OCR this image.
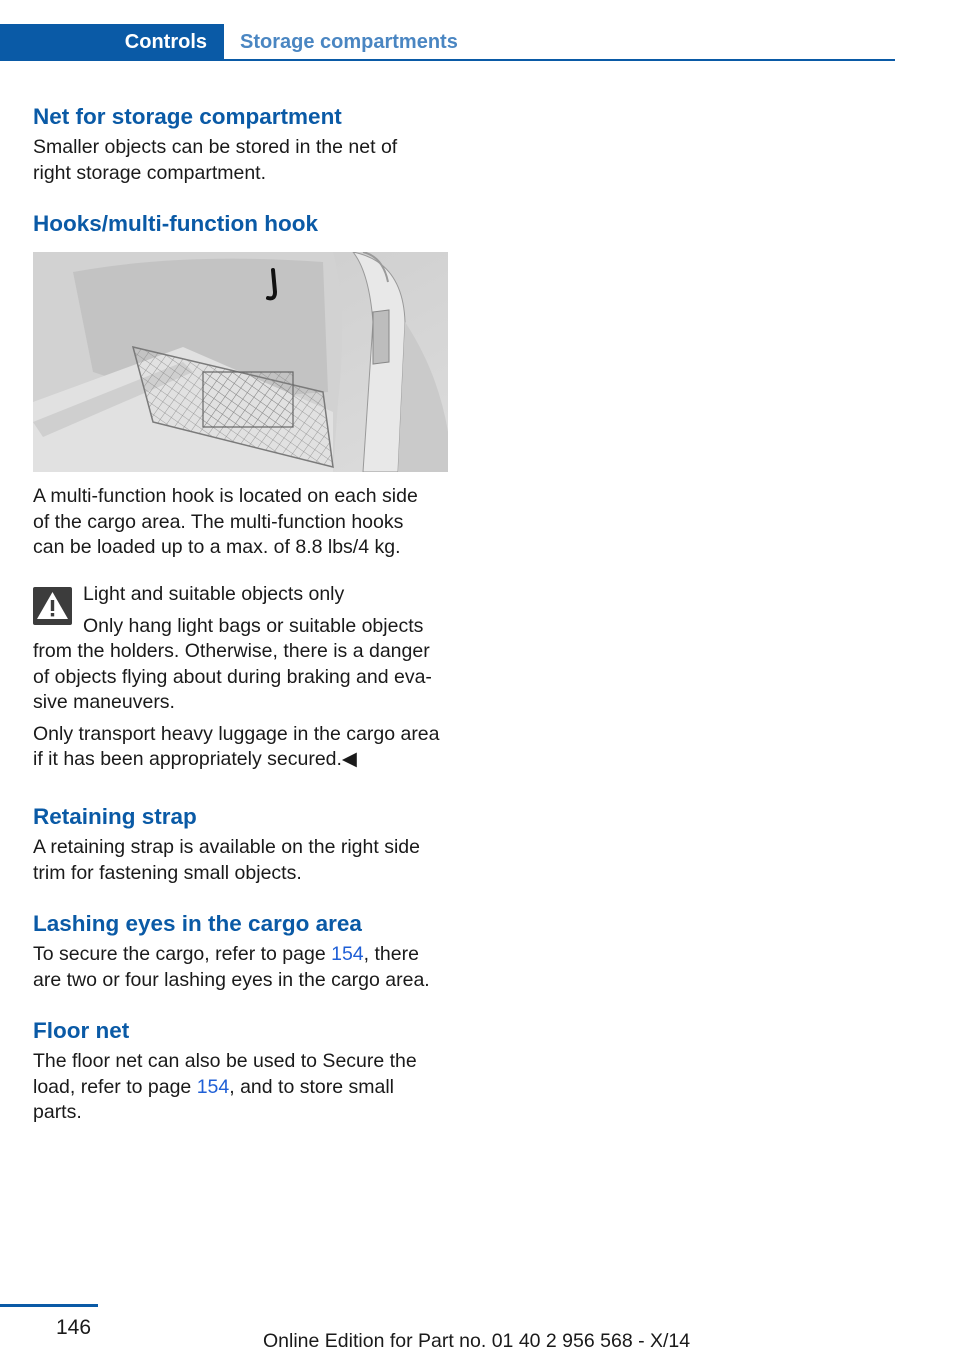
Controls	Storage compartments
Net for storage compartment

Smaller objects can be stored in the net of
right storage compartment.

Hooks/multi-function hook

A multi-function hook is located on each side
of the cargo area. The multi-function hooks
can be loaded up to a max. of 8.8 lbs/4 kg.

Light and suitable objects only

Only hang light bags or suitable objects
from the holders. Otherwise, there is a danger
of objects flying about during braking and eva‐
sive maneuvers.

Only transport heavy luggage in the cargo area
if it has been appropriately secured.◀

Retaining strap

A retaining strap is available on the right side
trim for fastening small objects.

Lashing eyes in the cargo area

To secure the cargo, refer to page 154, there
are two or four lashing eyes in the cargo area.

Floor net

The floor net can also be used to Secure the
load, refer to page 154, and to store small
parts.

146
Online Edition for Part no. 01 40 2 956 568 - X/14
